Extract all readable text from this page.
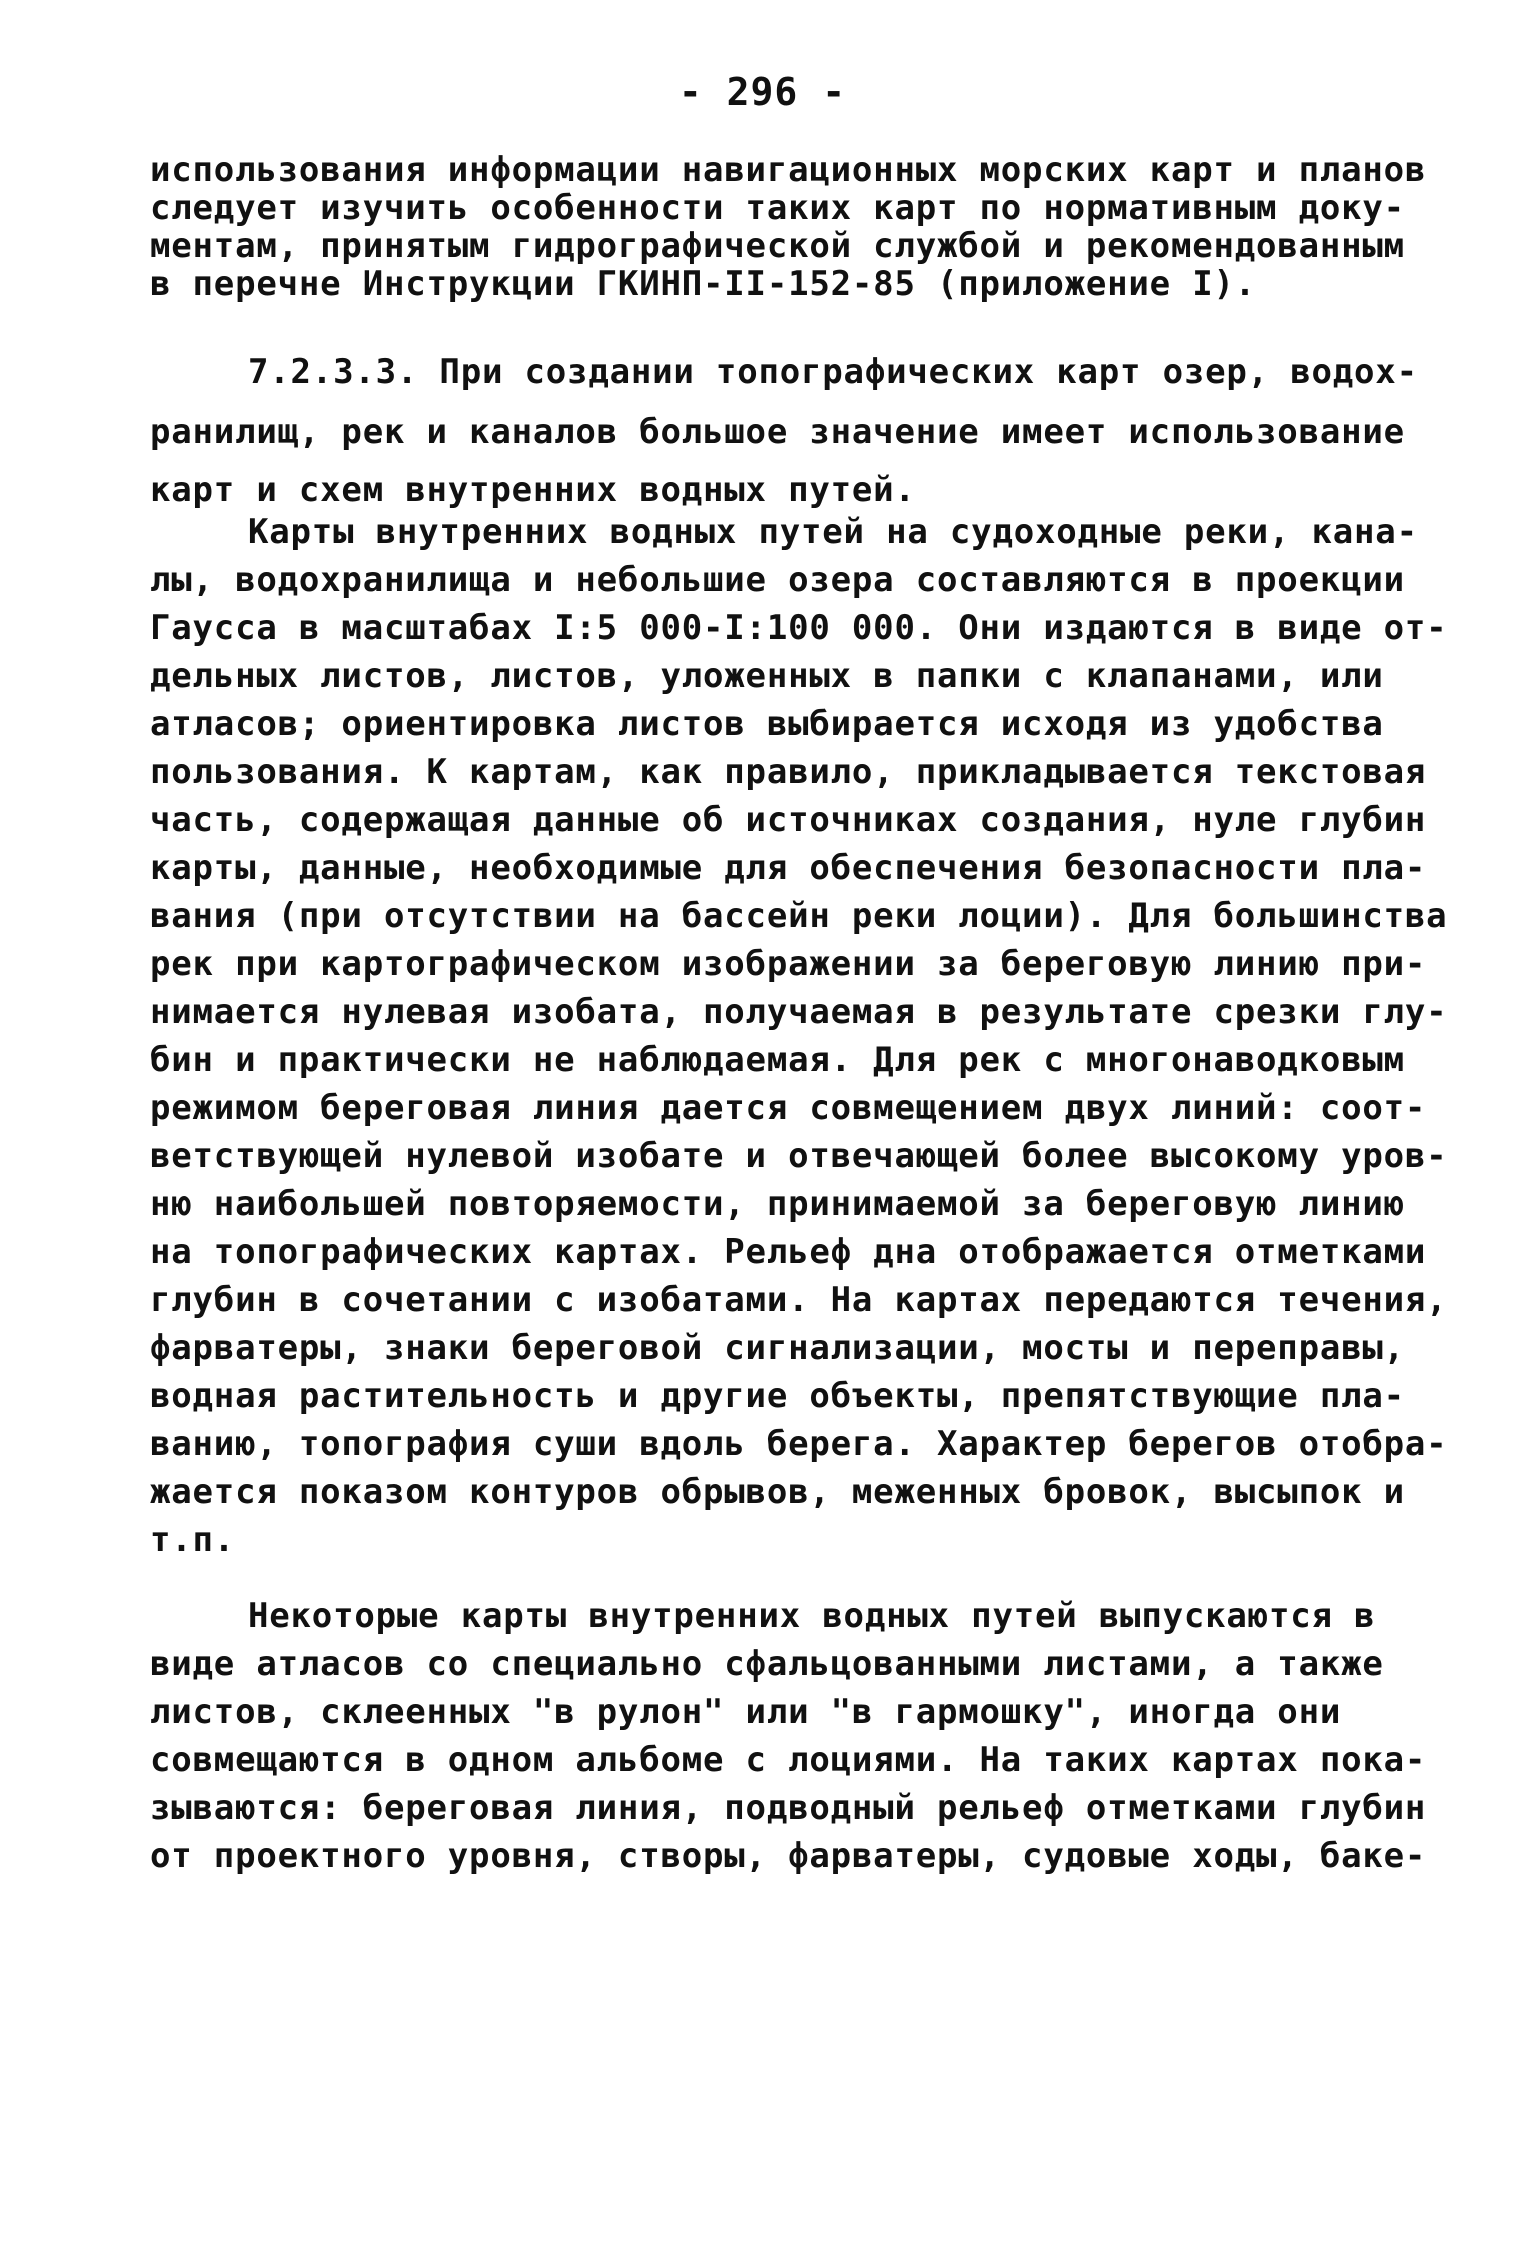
- 296 -
использования информации навигационных морских карт и планов
следует изучить особенности таких карт по нормативным доку-
ментам, принятым гидрографической службой и рекомендованным
в перечне Инструкции ГКИНП-II-152-85 (приложение I).
7.2.3.3. При создании топографических карт озер, водох-
ранилищ, рек и каналов большое значение имеет использование
карт и схем внутренних водных путей.
Карты внутренних водных путей на судоходные реки, кана-
лы, водохранилища и небольшие озера составляются в проекции
Гаусса в масштабах I:5 000-I:100 000. Они издаются в виде от-
дельных листов, листов, уложенных в папки с клапанами, или
атласов; ориентировка листов выбирается исходя из удобства
пользования. К картам, как правило, прикладывается текстовая
часть, содержащая данные об источниках создания, нуле глубин
карты, данные, необходимые для обеспечения безопасности пла-
вания (при отсутствии на бассейн реки лоции). Для большинства
рек при картографическом изображении за береговую линию при-
нимается нулевая изобата, получаемая в результате срезки глу-
бин и практически не наблюдаемая. Для рек с многонаводковым
режимом береговая линия дается совмещением двух линий: соот-
ветствующей нулевой изобате и отвечающей более высокому уров-
ню наибольшей повторяемости, принимаемой за береговую линию
на топографических картах. Рельеф дна отображается отметками
глубин в сочетании с изобатами. На картах передаются течения,
фарватеры, знаки береговой сигнализации, мосты и переправы,
водная растительность и другие объекты, препятствующие пла-
ванию, топография суши вдоль берега. Характер берегов отобра-
жается показом контуров обрывов, меженных бровок, высыпок и
т.п.
Некоторые карты внутренних водных путей выпускаются в
виде атласов со специально сфальцованными листами, а также
листов, склеенных "в рулон" или "в гармошку", иногда они
совмещаются в одном альбоме с лоциями. На таких картах пока-
зываются: береговая линия, подводный рельеф отметками глубин
от проектного уровня, створы, фарватеры, судовые ходы, баке-
